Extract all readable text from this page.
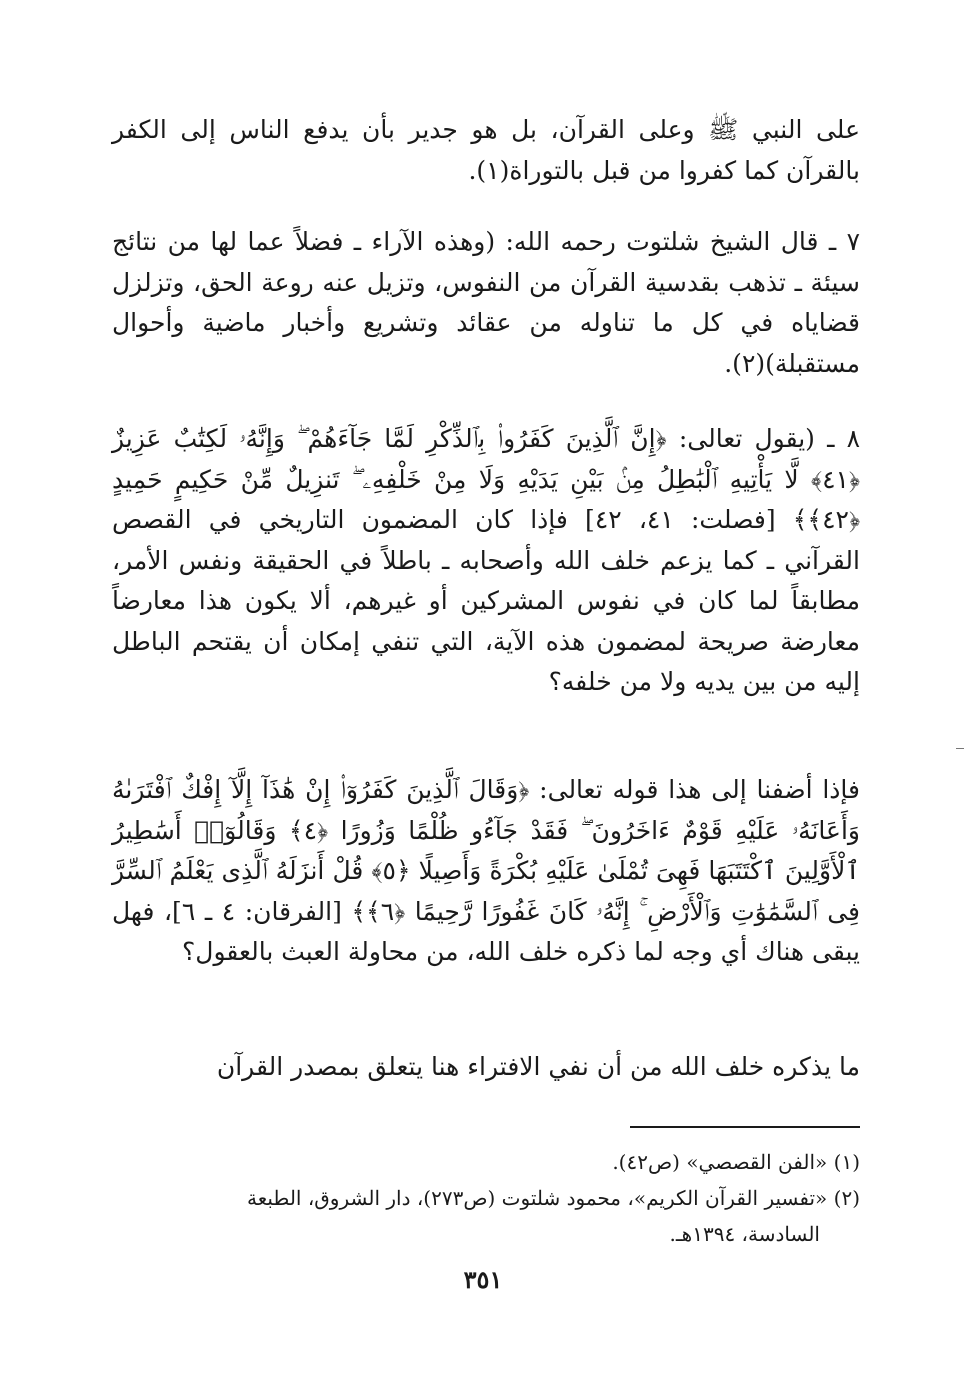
على النبي ﷺ وعلى القرآن، بل هو جدير بأن يدفع الناس إلى الكفر بالقرآن كما كفروا من قبل بالتوراة(١).

٧ ـ قال الشيخ شلتوت رحمه الله: (وهذه الآراء ـ فضلاً عما لها من نتائج سيئة ـ تذهب بقدسية القرآن من النفوس، وتزيل عنه روعة الحق، وتزلزل قضاياه في كل ما تناوله من عقائد وتشريع وأخبار ماضية وأحوال مستقبلة)(٢).

٨ ـ (يقول تعالى: ﴿إِنَّ ٱلَّذِينَ كَفَرُوا۟ بِٱلذِّكْرِ لَمَّا جَآءَهُمْ ۖ وَإِنَّهُۥ لَكِتَٰبٌ عَزِيزٌ ﴿٤١﴾ لَّا يَأْتِيهِ ٱلْبَٰطِلُ مِنۢ بَيْنِ يَدَيْهِ وَلَا مِنْ خَلْفِهِۦ ۖ تَنزِيلٌ مِّنْ حَكِيمٍ حَمِيدٍ ﴿٤٢﴾﴾ [فصلت: ٤١، ٤٢] فإذا كان المضمون التاريخي في القصص القرآني ـ كما يزعم خلف الله وأصحابه ـ باطلاً في الحقيقة ونفس الأمر، مطابقاً لما كان في نفوس المشركين أو غيرهم، ألا يكون هذا معارضاً معارضة صريحة لمضمون هذه الآية، التي تنفي إمكان أن يقتحم الباطل إليه من بين يديه ولا من خلفه؟

فإذا أضفنا إلى هذا قوله تعالى: ﴿وَقَالَ ٱلَّذِينَ كَفَرُوٓا۟ إِنْ هَٰذَآ إِلَّآ إِفْكٌ ٱفْتَرَىٰهُ وَأَعَانَهُۥ عَلَيْهِ قَوْمٌ ءَاخَرُونَ ۖ فَقَدْ جَآءُو ظُلْمًا وَزُورًا ﴿٤﴾ وَقَالُوٓا۟ أَسَٰطِيرُ ٱلْأَوَّلِينَ ٱكْتَتَبَهَا فَهِىَ تُمْلَىٰ عَلَيْهِ بُكْرَةً وَأَصِيلًا ﴿٥﴾ قُلْ أَنزَلَهُ ٱلَّذِى يَعْلَمُ ٱلسِّرَّ فِى ٱلسَّمَٰوَٰتِ وَٱلْأَرْضِ ۚ إِنَّهُۥ كَانَ غَفُورًا رَّحِيمًا ﴿٦﴾﴾ [الفرقان: ٤ ـ ٦]، فهل يبقى هناك أي وجه لما ذكره خلف الله، من محاولة العبث بالعقول؟

ما يذكره خلف الله من أن نفي الافتراء هنا يتعلق بمصدر القرآن

(١) «الفن القصصي» (ص٤٢).

(٢) «تفسير القرآن الكريم»، محمود شلتوت (ص٢٧٣)، دار الشروق، الطبعة

السادسة، ١٣٩٤هـ.

٣٥١
